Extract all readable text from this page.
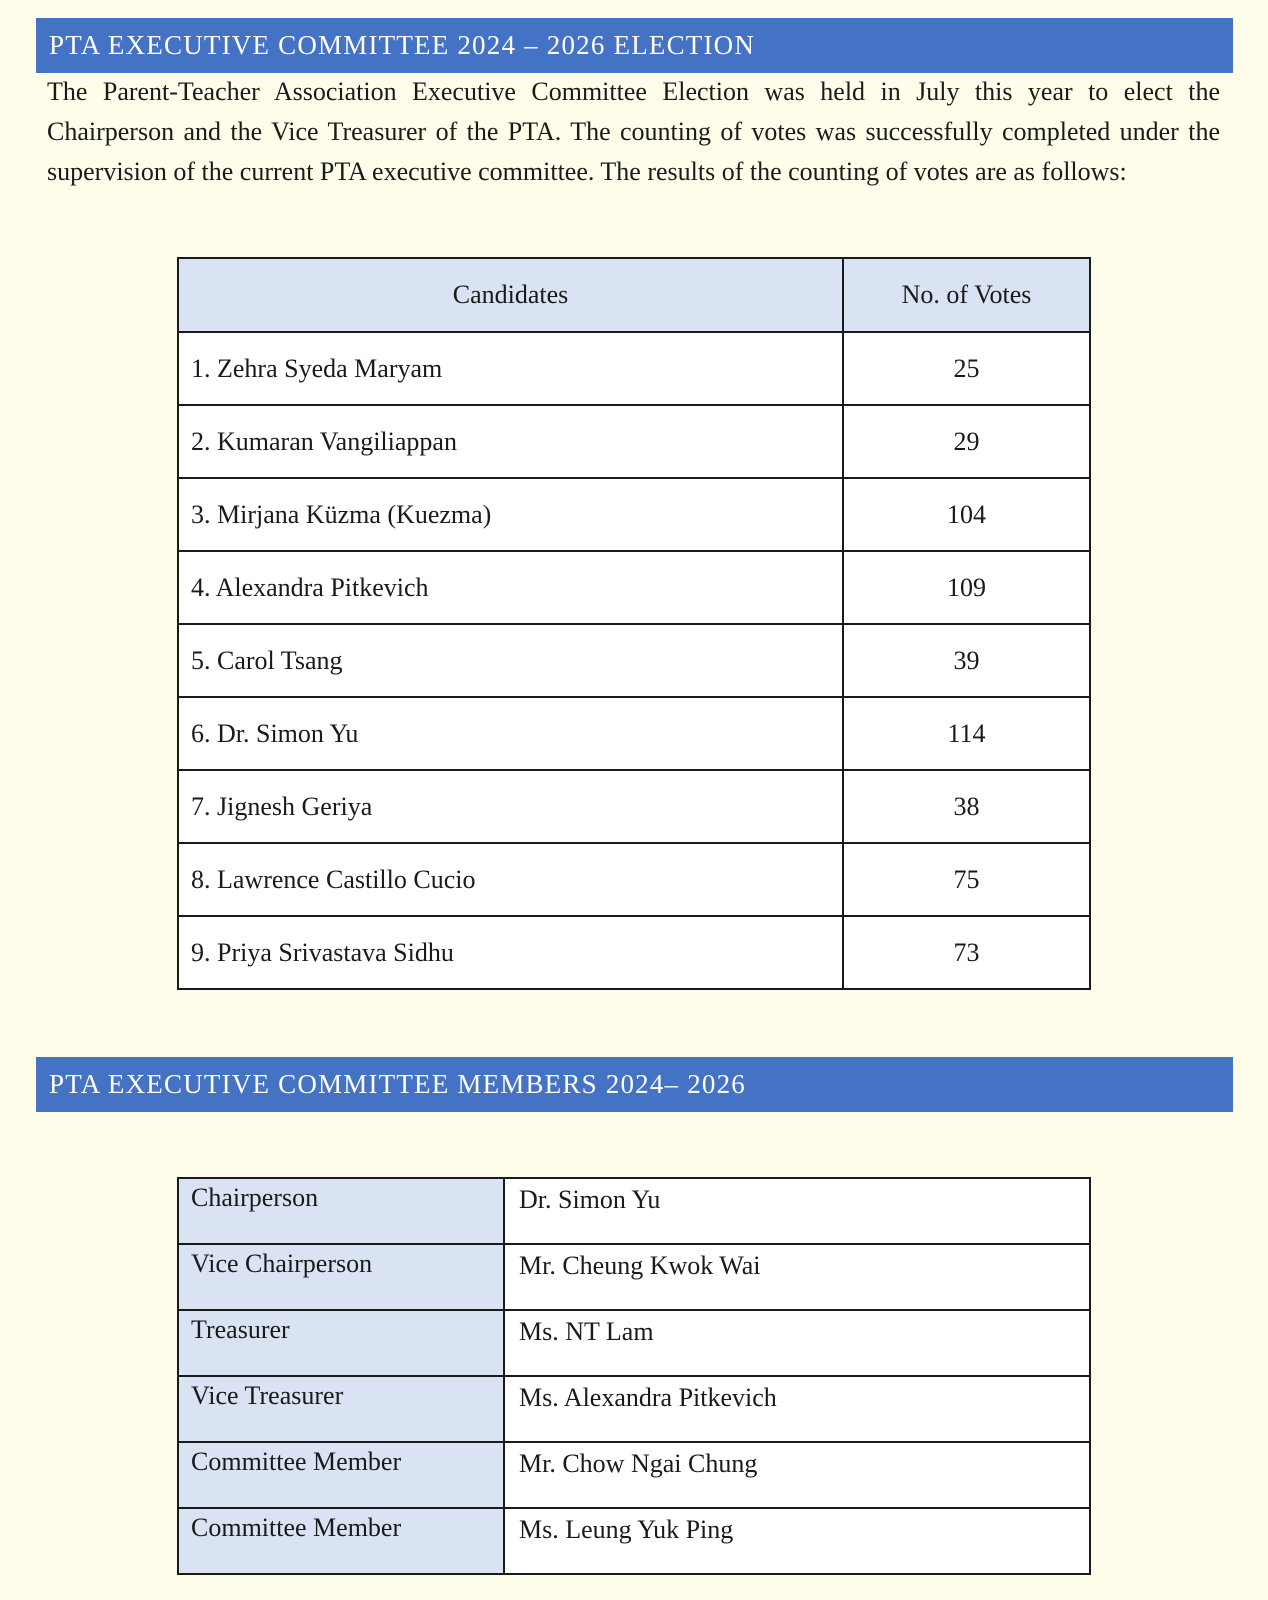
PTA EXECUTIVE COMMITTEE 2024 – 2026 ELECTION

The Parent-Teacher Association Executive Committee Election was held in July this year to elect the Chairperson and the Vice Treasurer of the PTA. The counting of votes was successfully completed under the supervision of the current PTA executive committee. The results of the counting of votes are as follows:

Candidates	No. of Votes
1. Zehra Syeda Maryam	25
2. Kumaran Vangiliappan	29
3. Mirjana Küzma (Kuezma)	104
4. Alexandra Pitkevich	109
5. Carol Tsang	39
6. Dr. Simon Yu	114
7. Jignesh Geriya	38
8. Lawrence Castillo Cucio	75
9. Priya Srivastava Sidhu	73
PTA EXECUTIVE COMMITTEE MEMBERS 2024– 2026
Chairperson	Dr. Simon Yu
Vice Chairperson	Mr. Cheung Kwok Wai
Treasurer	Ms. NT Lam
Vice Treasurer	Ms. Alexandra Pitkevich
Committee Member	Mr. Chow Ngai Chung
Committee Member	Ms. Leung Yuk Ping
